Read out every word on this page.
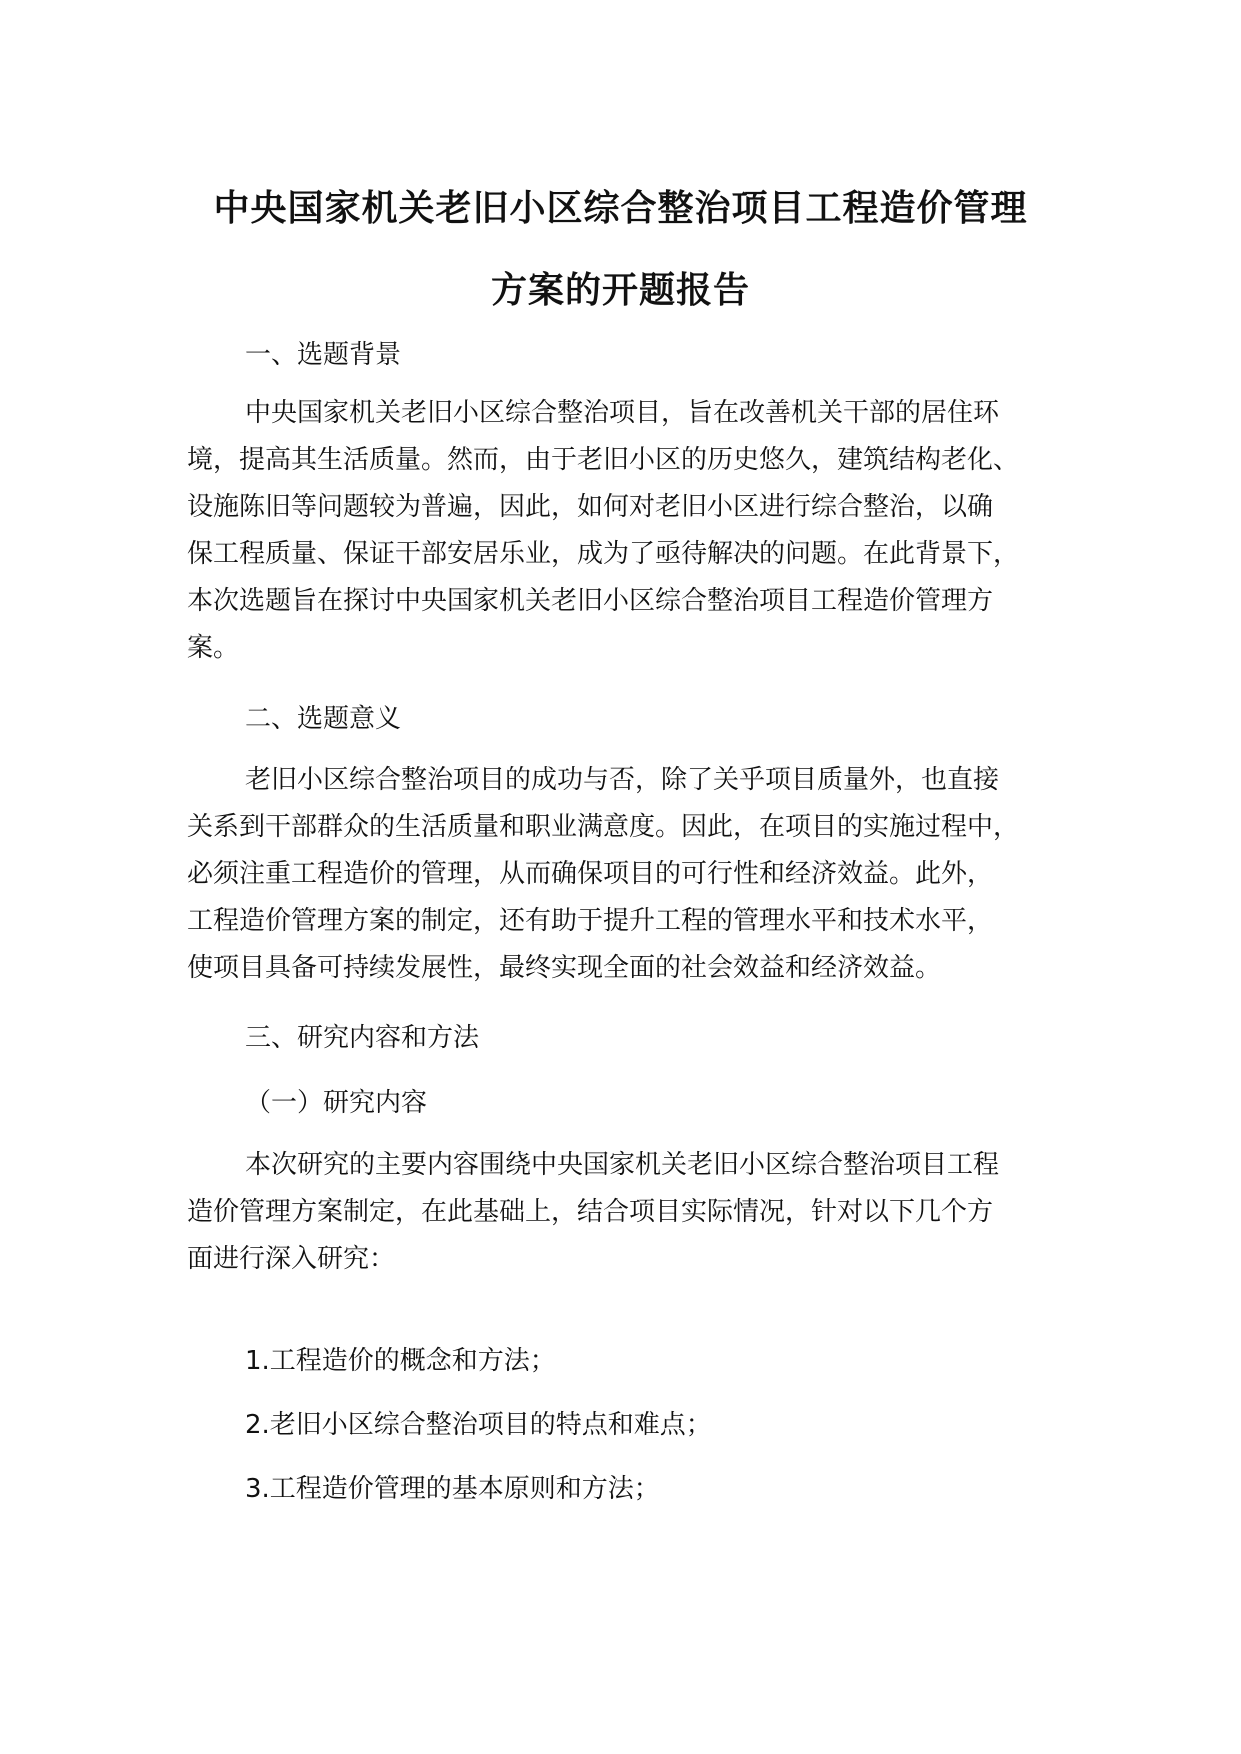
中央国家机关老旧小区综合整治项目工程造价管理
方案的开题报告
一、选题背景
中央国家机关老旧小区综合整治项目，旨在改善机关干部的居住环
境，提高其生活质量。然而，由于老旧小区的历史悠久，建筑结构老化、
设施陈旧等问题较为普遍，因此，如何对老旧小区进行综合整治，以确
保工程质量、保证干部安居乐业，成为了亟待解决的问题。在此背景下，
本次选题旨在探讨中央国家机关老旧小区综合整治项目工程造价管理方
案。
二、选题意义
老旧小区综合整治项目的成功与否，除了关乎项目质量外，也直接
关系到干部群众的生活质量和职业满意度。因此，在项目的实施过程中，
必须注重工程造价的管理，从而确保项目的可行性和经济效益。此外，
工程造价管理方案的制定，还有助于提升工程的管理水平和技术水平，
使项目具备可持续发展性，最终实现全面的社会效益和经济效益。
三、研究内容和方法
（一）研究内容
本次研究的主要内容围绕中央国家机关老旧小区综合整治项目工程
造价管理方案制定，在此基础上，结合项目实际情况，针对以下几个方
面进行深入研究：
1.工程造价的概念和方法；
2.老旧小区综合整治项目的特点和难点；
3.工程造价管理的基本原则和方法；
